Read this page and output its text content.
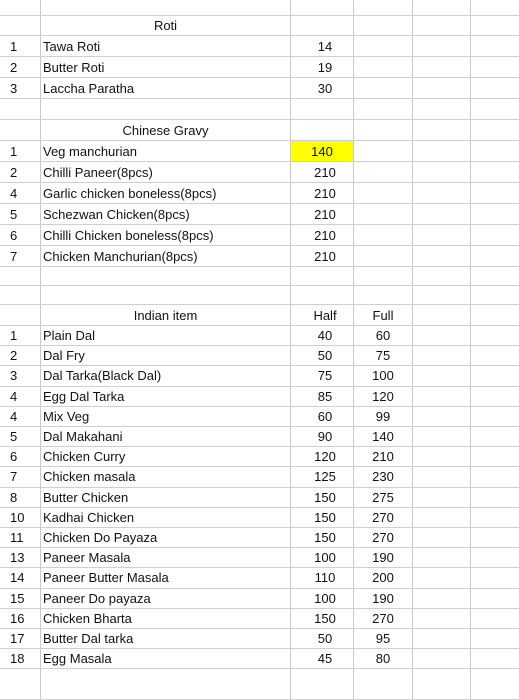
Roti
1	Tawa Roti	14
2	Butter Roti	19
3	Laccha Paratha	30
Chinese Gravy
1	Veg manchurian	140
2	Chilli Paneer(8pcs)	210
4	Garlic chicken boneless(8pcs)	210
5	Schezwan Chicken(8pcs)	210
6	Chilli Chicken boneless(8pcs)	210
7	Chicken Manchurian(8pcs)	210
Indian item	Half	Full
1	Plain Dal	40	60
2	Dal Fry	50	75
3	Dal Tarka(Black Dal)	75	100
4	Egg Dal Tarka	85	120
4	Mix Veg	60	99
5	Dal Makahani	90	140
6	Chicken Curry	120	210
7	Chicken masala	125	230
8	Butter Chicken	150	275
10	Kadhai Chicken	150	270
11	Chicken Do Payaza	150	270
13	Paneer Masala	100	190
14	Paneer Butter Masala	110	200
15	Paneer Do payaza	100	190
16	Chicken Bharta	150	270
17	Butter Dal tarka	50	95
18	Egg Masala	45	80
